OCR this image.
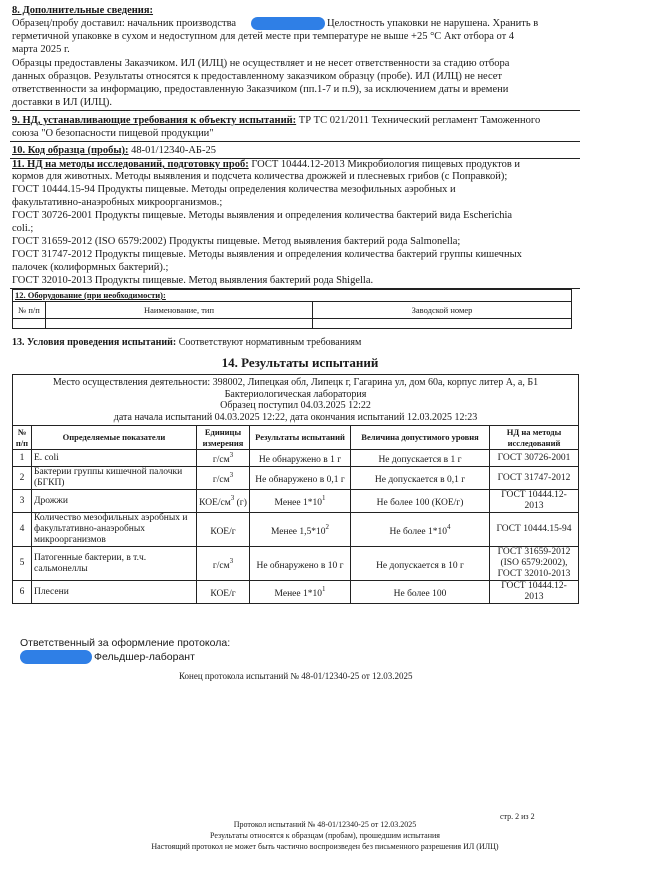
8. Дополнительные сведения:
Образец/пробу доставил: начальник производства	Целостность упаковки не нарушена. Хранить в
герметичной упаковке в сухом и недоступном для детей месте при температуре не выше +25 °С Акт отбора от 4
марта 2025 г.
Образцы предоставлены Заказчиком. ИЛ (ИЛЦ) не осуществляет и не несет ответственности за стадию отбора
данных образцов. Результаты относятся к предоставленному заказчиком образцу (пробе). ИЛ (ИЛЦ) не несет
ответственности за информацию, предоставленную Заказчиком (пп.1-7 и п.9), за исключением даты и времени
доставки в ИЛ (ИЛЦ).
9. НД, устанавливающие требования к объекту испытаний: ТР ТС 021/2011 Технический регламент Таможенного
союза "О безопасности пищевой продукции"
10. Код образца (пробы): 48-01/12340-АБ-25
11. НД на методы исследований, подготовку проб: ГОСТ 10444.12-2013 Микробиология пищевых продуктов и
кормов для животных. Методы выявления и подсчета количества дрожжей и плесневых грибов (с Поправкой);
ГОСТ 10444.15-94 Продукты пищевые. Методы определения количества мезофильных аэробных и
факультативно-анаэробных микроорганизмов.;
ГОСТ 30726-2001 Продукты пищевые. Методы выявления и определения количества бактерий вида Escherichia
coli.;
ГОСТ 31659-2012 (ISO 6579:2002) Продукты пищевые. Метод выявления бактерий рода Salmonella;
ГОСТ 31747-2012 Продукты пищевые. Методы выявления и определения количества бактерий группы кишечных
палочек (колиформных бактерий).;
ГОСТ 32010-2013 Продукты пищевые. Метод выявления бактерий рода Shigella.
12. Оборудование (при необходимости):		
№ п/п	Наименование, тип	Заводской номер

13. Условия проведения испытаний: Соответствуют нормативным требованиям
14. Результаты испытаний
Место осуществления деятельности: 398002, Липецкая обл, Липецк г, Гагарина ул, дом 60а, корпус литер А, а, Б1
Бактериологическая лаборатория
Образец поступил 04.03.2025 12:22
дата начала испытаний 04.03.2025 12:22, дата окончания испытаний 12.03.2025 12:23					

№ п/п	Определяемые показатели	Единицы измерения	Результаты испытаний	Величина допустимого уровня	НД на методы исследований
1	E. coli	$г/см^3$	Не обнаружено в 1 г	Не допускается в 1 г	ГОСТ 30726-2001
2	Бактерии группы кишечной палочки (БГКП)	$г/см^3$	Не обнаружено в 0,1 г	Не допускается в 0,1 г	ГОСТ 31747-2012
3	Дрожжи	КОЕ/$см^3$ (г)	Менее $1*10^1$	Не более 100 (КОЕ/г)	ГОСТ 10444.12-2013
4	Количество мезофильных аэробных и факультативно-анаэробных микроорганизмов	КОЕ/г	Менее $1,5*10^2$	Не более $1*10^4$	ГОСТ 10444.15-94
5	Патогенные бактерии, в т.ч. сальмонеллы	$г/см^3$	Не обнаружено в 10 г	Не допускается в 10 г	ГОСТ 31659-2012 (ISO 6579:2002), ГОСТ 32010-2013
6	Плесени	КОЕ/г	Менее $1*10^1$	Не более 100	ГОСТ 10444.12-2013
Ответственный за оформление протокола:
Фельдшер-лаборант
Конец протокола испытаний № 48-01/12340-25 от 12.03.2025
стр. 2 из 2
Протокол испытаний № 48-01/12340-25 от 12.03.2025
Результаты относятся к образцам (пробам), прошедшим испытания
Настоящий протокол не может быть частично воспроизведен без письменного разрешения ИЛ (ИЛЦ)
